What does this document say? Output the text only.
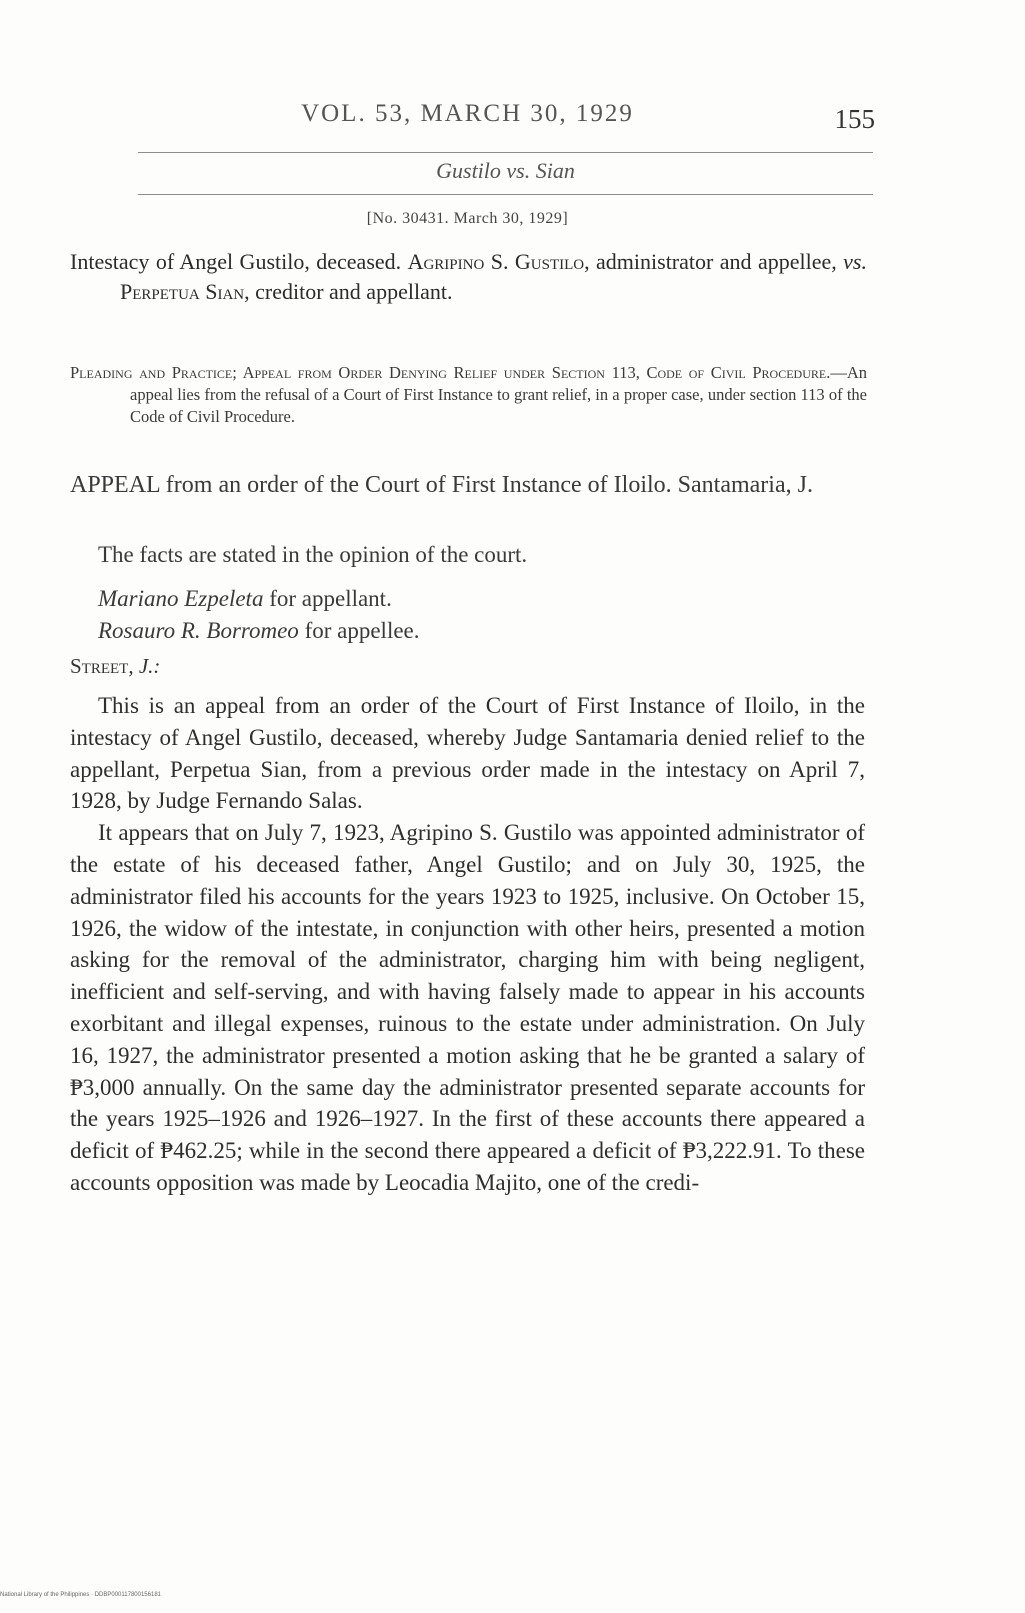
VOL. 53, MARCH 30, 1929	155
Gustilo vs. Sian
[No. 30431. March 30, 1929]
Intestacy of Angel Gustilo, deceased. Agripino S. Gustilo, administrator and appellee, vs. Perpetua Sian, creditor and appellant.
Pleading and Practice; Appeal from Order Denying Relief under Section 113, Code of Civil Procedure.—An appeal lies from the refusal of a Court of First Instance to grant relief, in a proper case, under section 113 of the Code of Civil Procedure.
APPEAL from an order of the Court of First Instance of Iloilo. Santamaria, J.
The facts are stated in the opinion of the court.
Mariano Ezpeleta for appellant.
Rosauro R. Borromeo for appellee.
Street, J.:

This is an appeal from an order of the Court of First Instance of Iloilo, in the intestacy of Angel Gustilo, deceased, whereby Judge Santamaria denied relief to the appellant, Perpetua Sian, from a previous order made in the intestacy on April 7, 1928, by Judge Fernando Salas.

It appears that on July 7, 1923, Agripino S. Gustilo was appointed administrator of the estate of his deceased father, Angel Gustilo; and on July 30, 1925, the administrator filed his accounts for the years 1923 to 1925, inclusive. On October 15, 1926, the widow of the intestate, in conjunction with other heirs, presented a motion asking for the removal of the administrator, charging him with being negligent, inefficient and self-serving, and with having falsely made to appear in his accounts exorbitant and illegal expenses, ruinous to the estate under administration. On July 16, 1927, the administrator presented a motion asking that he be granted a salary of ₱3,000 annually. On the same day the administrator presented separate accounts for the years 1925–1926 and 1926–1927. In the first of these accounts there appeared a deficit of ₱462.25; while in the second there appeared a deficit of ₱3,222.91. To these accounts opposition was made by Leocadia Majito, one of the credi-

National Library of the Philippines · DDBP000117800156181
